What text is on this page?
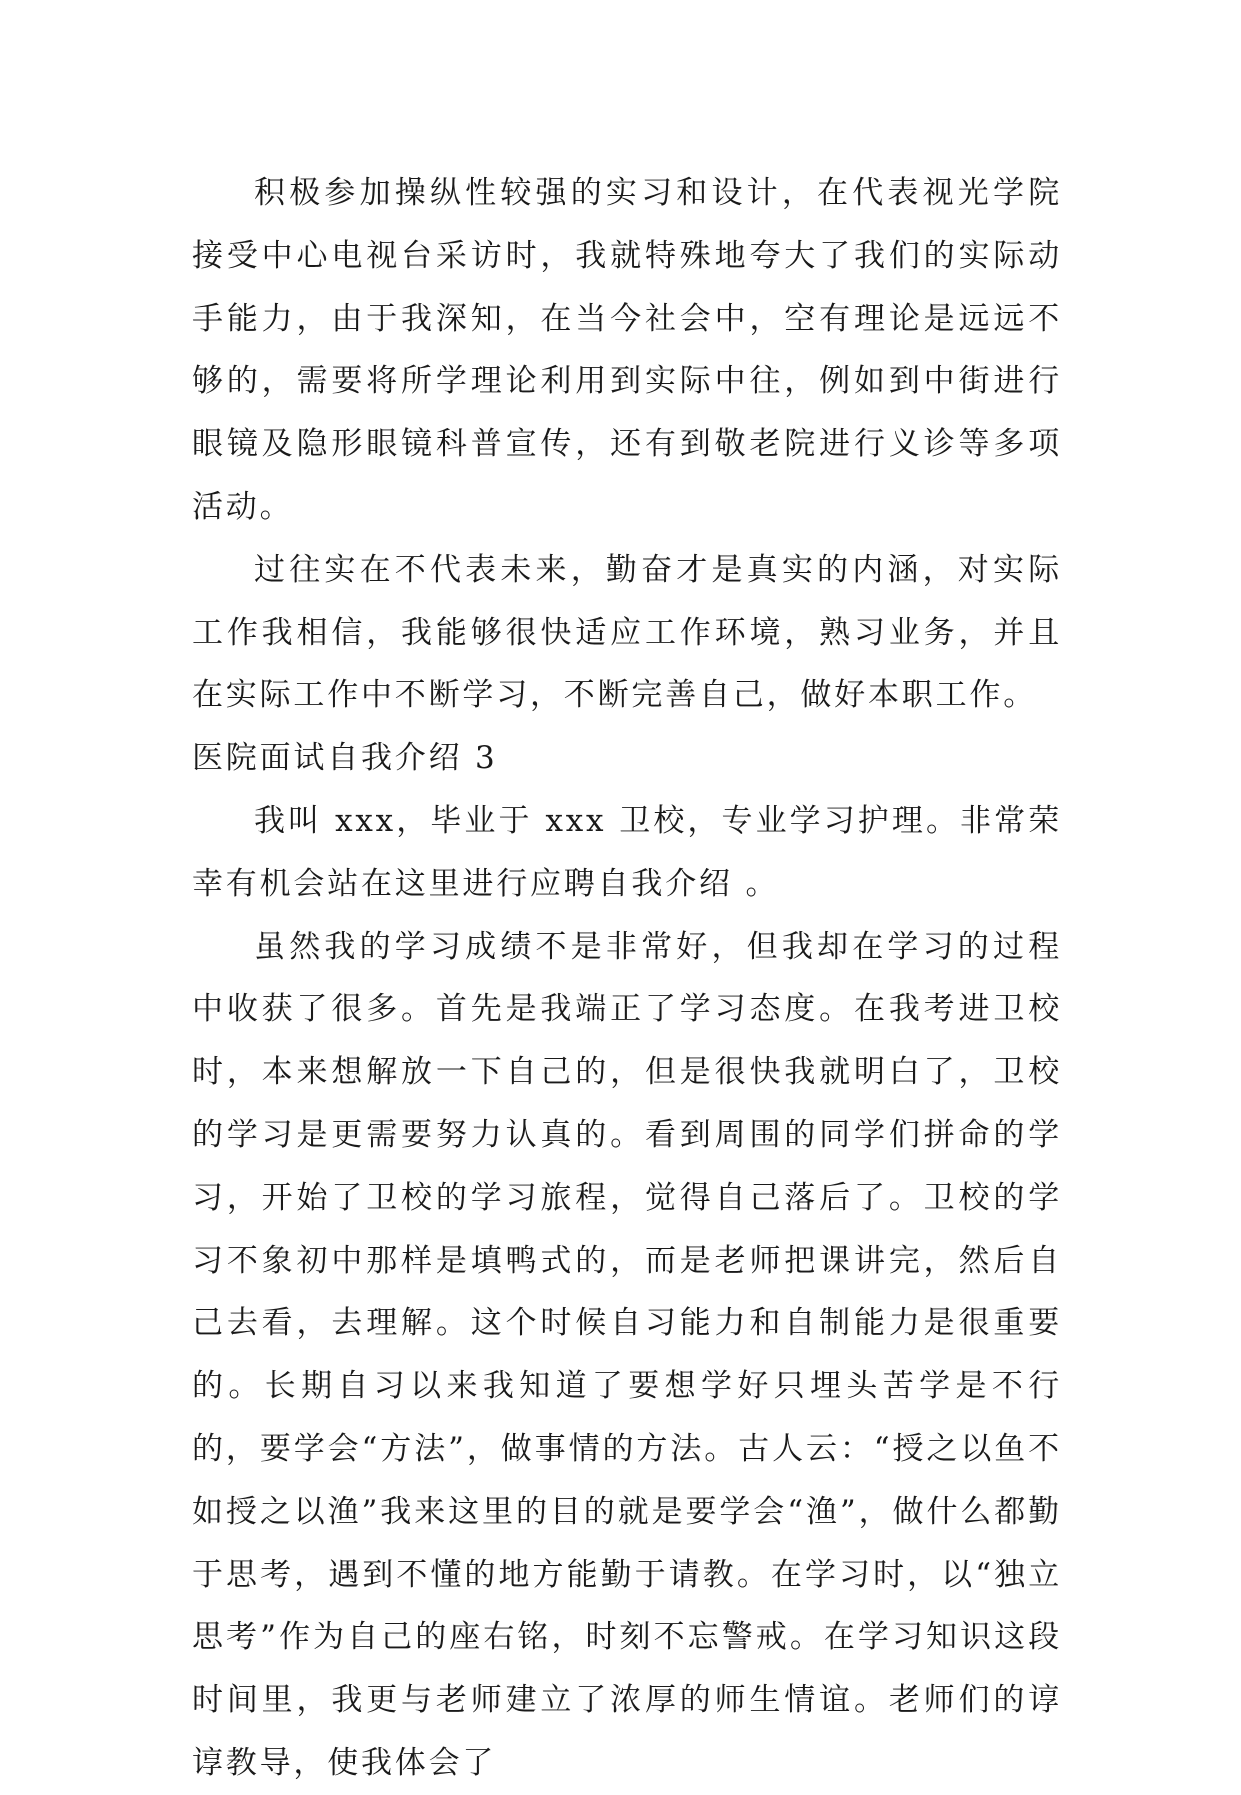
积极参加操纵性较强的实习和设计，在代表视光学院接受中心电视台采访时，我就特殊地夸大了我们的实际动手能力，由于我深知，在当今社会中，空有理论是远远不够的，需要将所学理论利用到实际中往，例如到中街进行眼镜及隐形眼镜科普宣传，还有到敬老院进行义诊等多项活动。

过往实在不代表未来，勤奋才是真实的内涵，对实际工作我相信，我能够很快适应工作环境，熟习业务，并且在实际工作中不断学习，不断完善自己，做好本职工作。

医院面试自我介绍 3

我叫 xxx，毕业于 xxx 卫校，专业学习护理。非常荣幸有机会站在这里进行应聘自我介绍 。

虽然我的学习成绩不是非常好，但我却在学习的过程中收获了很多。首先是我端正了学习态度。在我考进卫校时，本来想解放一下自己的，但是很快我就明白了，卫校的学习是更需要努力认真的。看到周围的同学们拼命的学习，开始了卫校的学习旅程，觉得自己落后了。卫校的学习不象初中那样是填鸭式的，而是老师把课讲完，然后自己去看，去理解。这个时候自习能力和自制能力是很重要的。长期自习以来我知道了要想学好只埋头苦学是不行的，要学会“方法”，做事情的方法。古人云：“授之以鱼不如授之以渔”我来这里的目的就是要学会“渔”，做什么都勤于思考，遇到不懂的地方能勤于请教。在学习时，以“独立思考”作为自己的座右铭，时刻不忘警戒。在学习知识这段时间里，我更与老师建立了浓厚的师生情谊。老师们的谆谆教导，使我体会了
